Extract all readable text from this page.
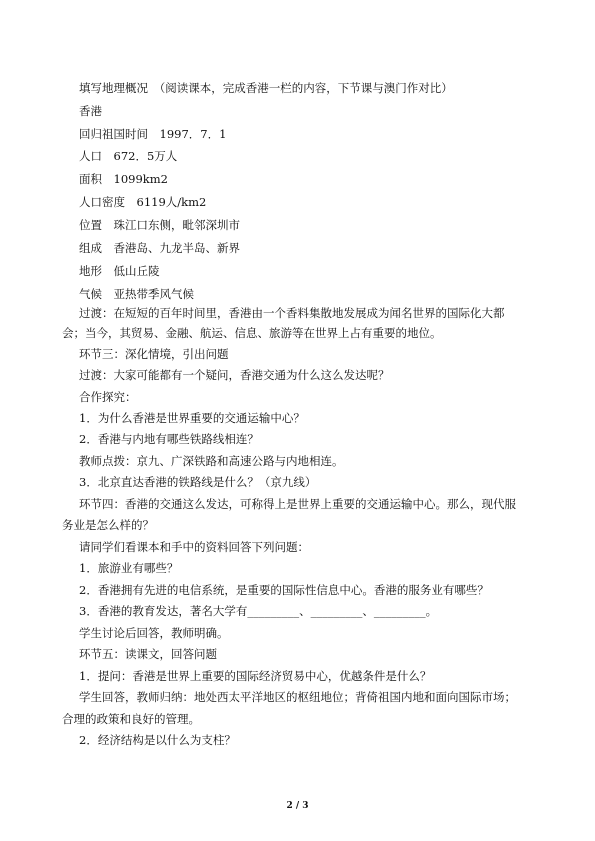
填写地理概况　（阅读课本，完成香港一栏的内容，下节课与澳门作对比）
香港
回归祖国时间　1997．7．1
人口　672．5万人
面积　1099km2
人口密度　6119人/km2
位置　珠江口东侧，毗邻深圳市
组成　香港岛、九龙半岛、新界
地形　低山丘陵
气候　亚热带季风气候
过渡：在短短的百年时间里，香港由一个香料集散地发展成为闻名世界的国际化大都
会；当今，其贸易、金融、航运、信息、旅游等在世界上占有重要的地位。
环节三：深化情境，引出问题
过渡：大家可能都有一个疑问，香港交通为什么这么发达呢？
合作探究：
1．为什么香港是世界重要的交通运输中心？
2．香港与内地有哪些铁路线相连？
教师点拨：京九、广深铁路和高速公路与内地相连。
3．北京直达香港的铁路线是什么？（京九线）
环节四：香港的交通这么发达，可称得上是世界上重要的交通运输中心。那么，现代服
务业是怎么样的？
请同学们看课本和手中的资料回答下列问题：
1．旅游业有哪些？
2．香港拥有先进的电信系统，是重要的国际性信息中心。香港的服务业有哪些？
3．香港的教育发达，著名大学有_________、_________、_________。
学生讨论后回答，教师明确。
环节五：读课文，回答问题
1．提问：香港是世界上重要的国际经济贸易中心，优越条件是什么？
学生回答，教师归纳：地处西太平洋地区的枢纽地位；背倚祖国内地和面向国际市场；
合理的政策和良好的管理。
2．经济结构是以什么为支柱？
2 / 3
